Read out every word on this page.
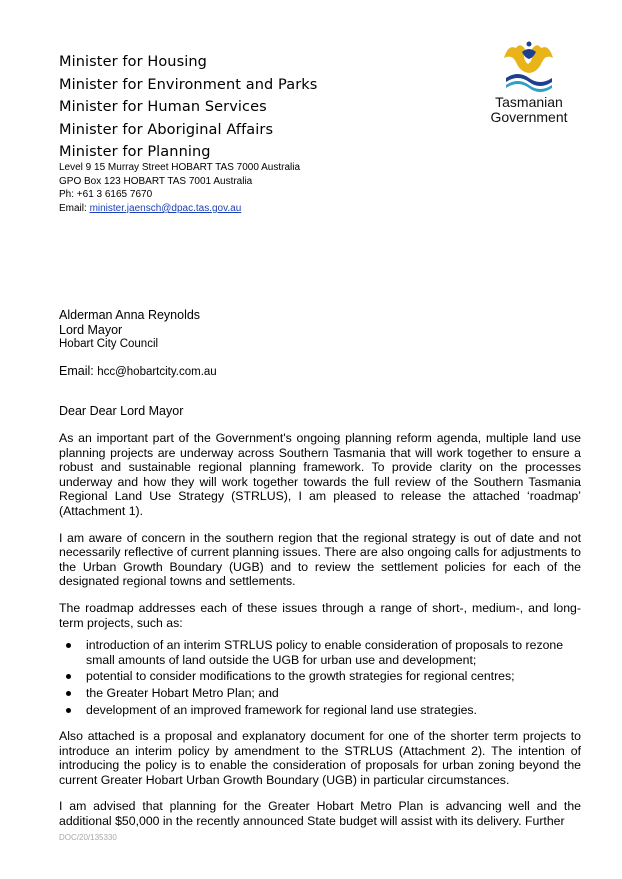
Minister for Housing
Minister for Environment and Parks
Minister for Human Services
Minister for Aboriginal Affairs
Minister for Planning
Level 9 15 Murray Street HOBART TAS 7000 Australia
GPO Box 123 HOBART TAS 7001 Australia
Ph: +61 3 6165 7670
Email: minister.jaensch@dpac.tas.gov.au
Tasmanian
Government
Alderman Anna Reynolds
Lord Mayor
Hobart City Council
Email: hcc@hobartcity.com.au
Dear Dear Lord Mayor

As an important part of the Government's ongoing planning reform agenda, multiple land use planning projects are underway across Southern Tasmania that will work together to ensure a robust and sustainable regional planning framework. To provide clarity on the processes underway and how they will work together towards the full review of the Southern Tasmania Regional Land Use Strategy (STRLUS), I am pleased to release the attached ‘roadmap’ (Attachment 1).

I am aware of concern in the southern region that the regional strategy is out of date and not necessarily reflective of current planning issues. There are also ongoing calls for adjustments to the Urban Growth Boundary (UGB) and to review the settlement policies for each of the designated regional towns and settlements.

The roadmap addresses each of these issues through a range of short-, medium-, and long-term projects, such as:

introduction of an interim STRLUS policy to enable consideration of proposals to rezone small amounts of land outside the UGB for urban use and development;
potential to consider modifications to the growth strategies for regional centres;
the Greater Hobart Metro Plan; and
development of an improved framework for regional land use strategies.

Also attached is a proposal and explanatory document for one of the shorter term projects to introduce an interim policy by amendment to the STRLUS (Attachment 2). The intention of introducing the policy is to enable the consideration of proposals for urban zoning beyond the current Greater Hobart Urban Growth Boundary (UGB) in particular circumstances.

I am advised that planning for the Greater Hobart Metro Plan is advancing well and the additional $50,000 in the recently announced State budget will assist with its delivery. Further

DOC/20/135330
